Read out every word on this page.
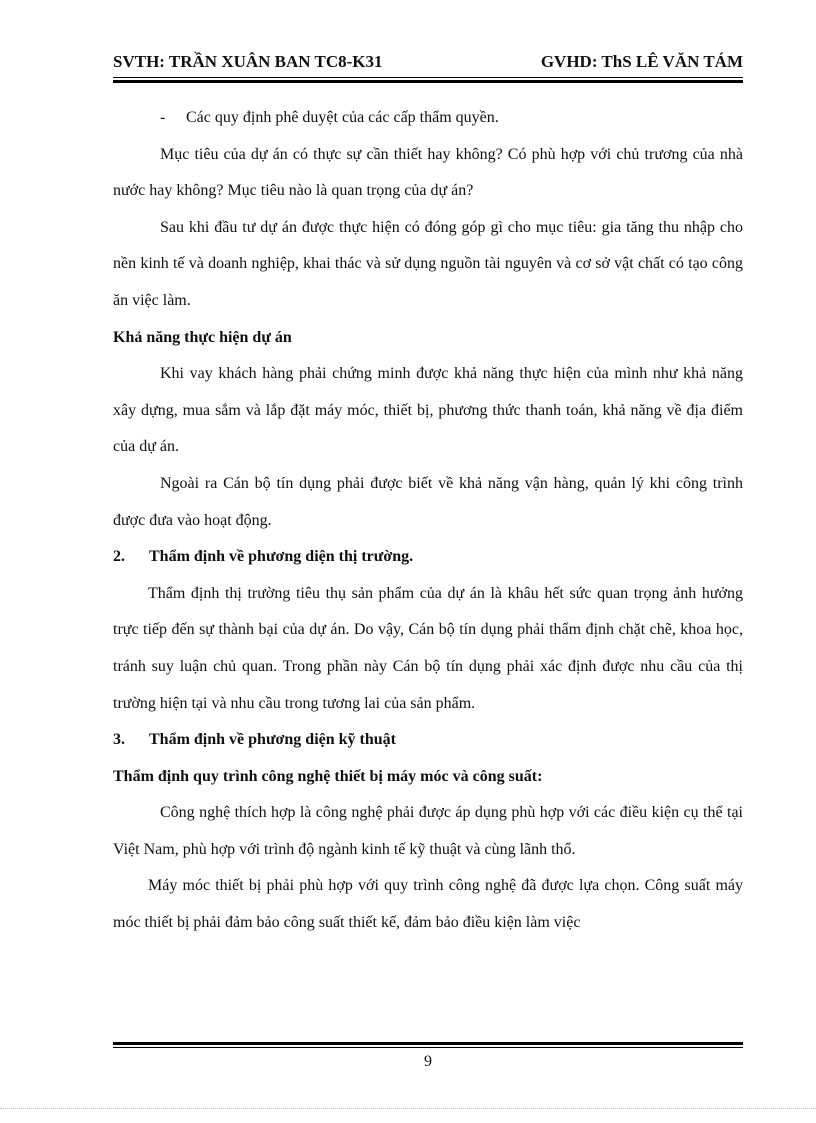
SVTH: TRẦN XUÂN BAN TC8-K31	GVHD: ThS LÊ VĂN TÁM

- Các quy định phê duyệt của các cấp thẩm quyền.

Mục tiêu của dự án có thực sự cần thiết hay không? Có phù hợp với chủ trương của nhà nước hay không? Mục tiêu nào là quan trọng của dự án?

Sau khi đầu tư dự án được thực hiện có đóng góp gì cho mục tiêu: gia tăng thu nhập cho nền kinh tế và doanh nghiệp, khai thác và sử dụng nguồn tài nguyên và cơ sở vật chất có tạo công ăn việc làm.

Khả năng thực hiện dự án

Khi vay khách hàng phải chứng minh được khả năng thực hiện của mình như khả năng xây dựng, mua sắm và lắp đặt máy móc, thiết bị, phương thức thanh toán, khả năng về địa điểm của dự án.

Ngoài ra Cán bộ tín dụng phải được biết về khả năng vận hàng, quản lý khi công trình được đưa vào hoạt động.

2. Thẩm định về phương diện thị trường.

Thẩm định thị trường tiêu thụ sản phẩm của dự án là khâu hết sức quan trọng ảnh hưởng trực tiếp đến sự thành bại của dự án. Do vậy, Cán bộ tín dụng phải thẩm định chặt chẽ, khoa học, tránh suy luận chủ quan. Trong phần này Cán bộ tín dụng phải xác định được nhu cầu của thị trường hiện tại và nhu cầu trong tương lai của sản phẩm.

3. Thẩm định về phương diện kỹ thuật

Thẩm định quy trình công nghệ thiết bị máy móc và công suất:

Công nghệ thích hợp là công nghệ phải được áp dụng phù hợp với các điều kiện cụ thể tại Việt Nam, phù hợp với trình độ ngành kinh tế kỹ thuật và cùng lãnh thổ.

Máy móc thiết bị phải phù hợp với quy trình công nghệ đã được lựa chọn. Công suất máy móc thiết bị phải đảm bảo công suất thiết kế, đảm bảo điều kiện làm việc

9
